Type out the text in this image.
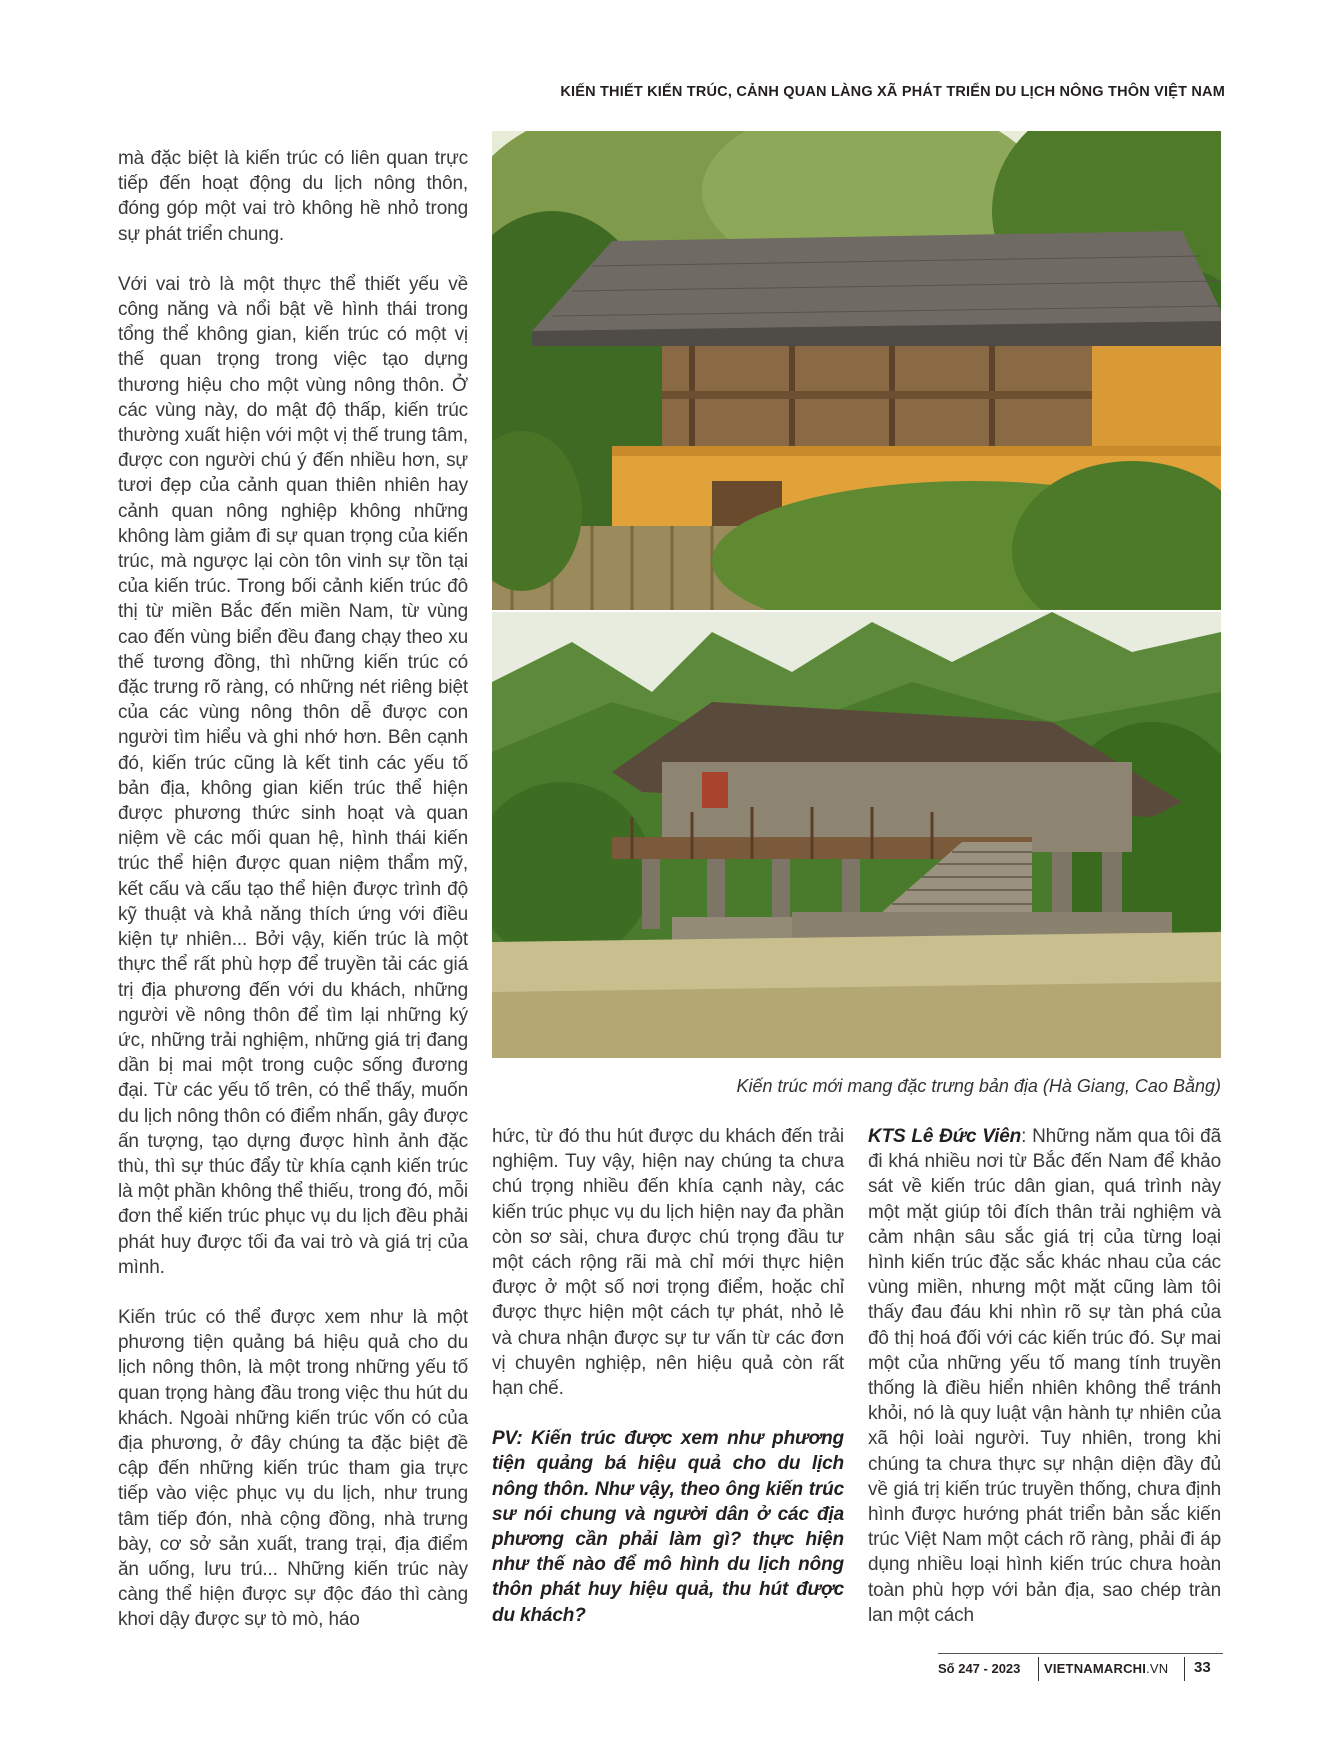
KIẾN THIẾT KIẾN TRÚC, CẢNH QUAN LÀNG XÃ PHÁT TRIỂN DU LỊCH NÔNG THÔN VIỆT NAM

mà đặc biệt là kiến trúc có liên quan trực tiếp đến hoạt động du lịch nông thôn, đóng góp một vai trò không hề nhỏ trong sự phát triển chung.

Với vai trò là một thực thể thiết yếu về công năng và nổi bật về hình thái trong tổng thể không gian, kiến trúc có một vị thế quan trọng trong việc tạo dựng thương hiệu cho một vùng nông thôn. Ở các vùng này, do mật độ thấp, kiến trúc thường xuất hiện với một vị thế trung tâm, được con người chú ý đến nhiều hơn, sự tươi đẹp của cảnh quan thiên nhiên hay cảnh quan nông nghiệp không những không làm giảm đi sự quan trọng của kiến trúc, mà ngược lại còn tôn vinh sự tồn tại của kiến trúc. Trong bối cảnh kiến trúc đô thị từ miền Bắc đến miền Nam, từ vùng cao đến vùng biển đều đang chạy theo xu thế tương đồng, thì những kiến trúc có đặc trưng rõ ràng, có những nét riêng biệt của các vùng nông thôn dễ được con người tìm hiểu và ghi nhớ hơn. Bên cạnh đó, kiến trúc cũng là kết tinh các yếu tố bản địa, không gian kiến trúc thể hiện được phương thức sinh hoạt và quan niệm về các mối quan hệ, hình thái kiến trúc thể hiện được quan niệm thẩm mỹ, kết cấu và cấu tạo thể hiện được trình độ kỹ thuật và khả năng thích ứng với điều kiện tự nhiên... Bởi vậy, kiến trúc là một thực thể rất phù hợp để truyền tải các giá trị địa phương đến với du khách, những người về nông thôn để tìm lại những ký ức, những trải nghiệm, những giá trị đang dần bị mai một trong cuộc sống đương đại. Từ các yếu tố trên, có thể thấy, muốn du lịch nông thôn có điểm nhấn, gây được ấn tượng, tạo dựng được hình ảnh đặc thù, thì sự thúc đẩy từ khía cạnh kiến trúc là một phần không thể thiếu, trong đó, mỗi đơn thể kiến trúc phục vụ du lịch đều phải phát huy được tối đa vai trò và giá trị của mình.

Kiến trúc có thể được xem như là một phương tiện quảng bá hiệu quả cho du lịch nông thôn, là một trong những yếu tố quan trọng hàng đầu trong việc thu hút du khách. Ngoài những kiến trúc vốn có của địa phương, ở đây chúng ta đặc biệt đề cập đến những kiến trúc tham gia trực tiếp vào việc phục vụ du lịch, như trung tâm tiếp đón, nhà cộng đồng, nhà trưng bày, cơ sở sản xuất, trang trại, địa điểm ăn uống, lưu trú... Những kiến trúc này càng thể hiện được sự độc đáo thì càng khơi dậy được sự tò mò, háo

Kiến trúc mới mang đặc trưng bản địa (Hà Giang, Cao Bằng)

hức, từ đó thu hút được du khách đến trải nghiệm. Tuy vậy, hiện nay chúng ta chưa chú trọng nhiều đến khía cạnh này, các kiến trúc phục vụ du lịch hiện nay đa phần còn sơ sài, chưa được chú trọng đầu tư một cách rộng rãi mà chỉ mới thực hiện được ở một số nơi trọng điểm, hoặc chỉ được thực hiện một cách tự phát, nhỏ lẻ và chưa nhận được sự tư vấn từ các đơn vị chuyên nghiệp, nên hiệu quả còn rất hạn chế.

PV: Kiến trúc được xem như phương tiện quảng bá hiệu quả cho du lịch nông thôn. Như vậy, theo ông kiến trúc sư nói chung và người dân ở các địa phương cần phải làm gì? thực hiện như thế nào để mô hình du lịch nông thôn phát huy hiệu quả, thu hút được du khách?

KTS Lê Đức Viên: Những năm qua tôi đã đi khá nhiều nơi từ Bắc đến Nam để khảo sát về kiến trúc dân gian, quá trình này một mặt giúp tôi đích thân trải nghiệm và cảm nhận sâu sắc giá trị của từng loại hình kiến trúc đặc sắc khác nhau của các vùng miền, nhưng một mặt cũng làm tôi thấy đau đáu khi nhìn rõ sự tàn phá của đô thị hoá đối với các kiến trúc đó. Sự mai một của những yếu tố mang tính truyền thống là điều hiển nhiên không thể tránh khỏi, nó là quy luật vận hành tự nhiên của xã hội loài người. Tuy nhiên, trong khi chúng ta chưa thực sự nhận diện đầy đủ về giá trị kiến trúc truyền thống, chưa định hình được hướng phát triển bản sắc kiến trúc Việt Nam một cách rõ ràng, phải đi áp dụng nhiều loại hình kiến trúc chưa hoàn toàn phù hợp với bản địa, sao chép tràn lan một cách

Số 247 - 2023 VIETNAMARCHI.VN 33
